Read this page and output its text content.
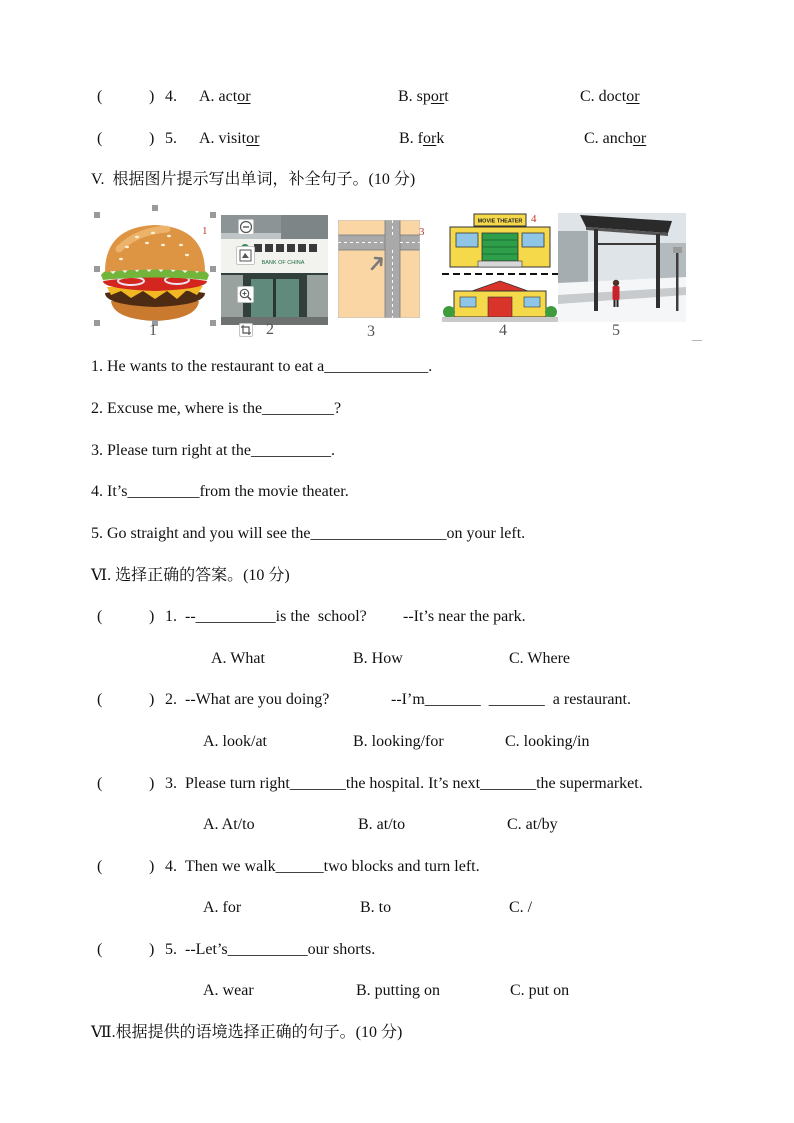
(	) 4. A. actor	B. sport	C. doctor
(	) 5. A. visitor	B. fork	C. anchor
V.  根据图片提示写出单词，补全句子。(10 分)
1
BANK OF CHINA
3
MOVIE THEATER 4
1	2	3	4	5
1. He wants to the restaurant to eat a_____________.
2. Excuse me, where is the_________?
3. Please turn right at the__________.
4. It’s_________from the movie theater.
5. Go straight and you will see the_________________on your left.
Ⅵ. 选择正确的答案。(10 分)
(	) 1. --__________is the  school? --It’s near the park.
A. What	B. How	C. Where
(	) 2. --What are you doing?	--I’m_______  _______  a restaurant.
A. look/at	B. looking/for	C. looking/in
(	) 3. Please turn right_______the hospital. It’s next_______the supermarket.
A. At/to	B. at/to	C. at/by
(	) 4. Then we walk______two blocks and turn left.
A. for	B. to	C. /
(	) 5. --Let’s__________our shorts.
A. wear	B. putting on	C. put on
Ⅶ.根据提供的语境选择正确的句子。(10 分)
